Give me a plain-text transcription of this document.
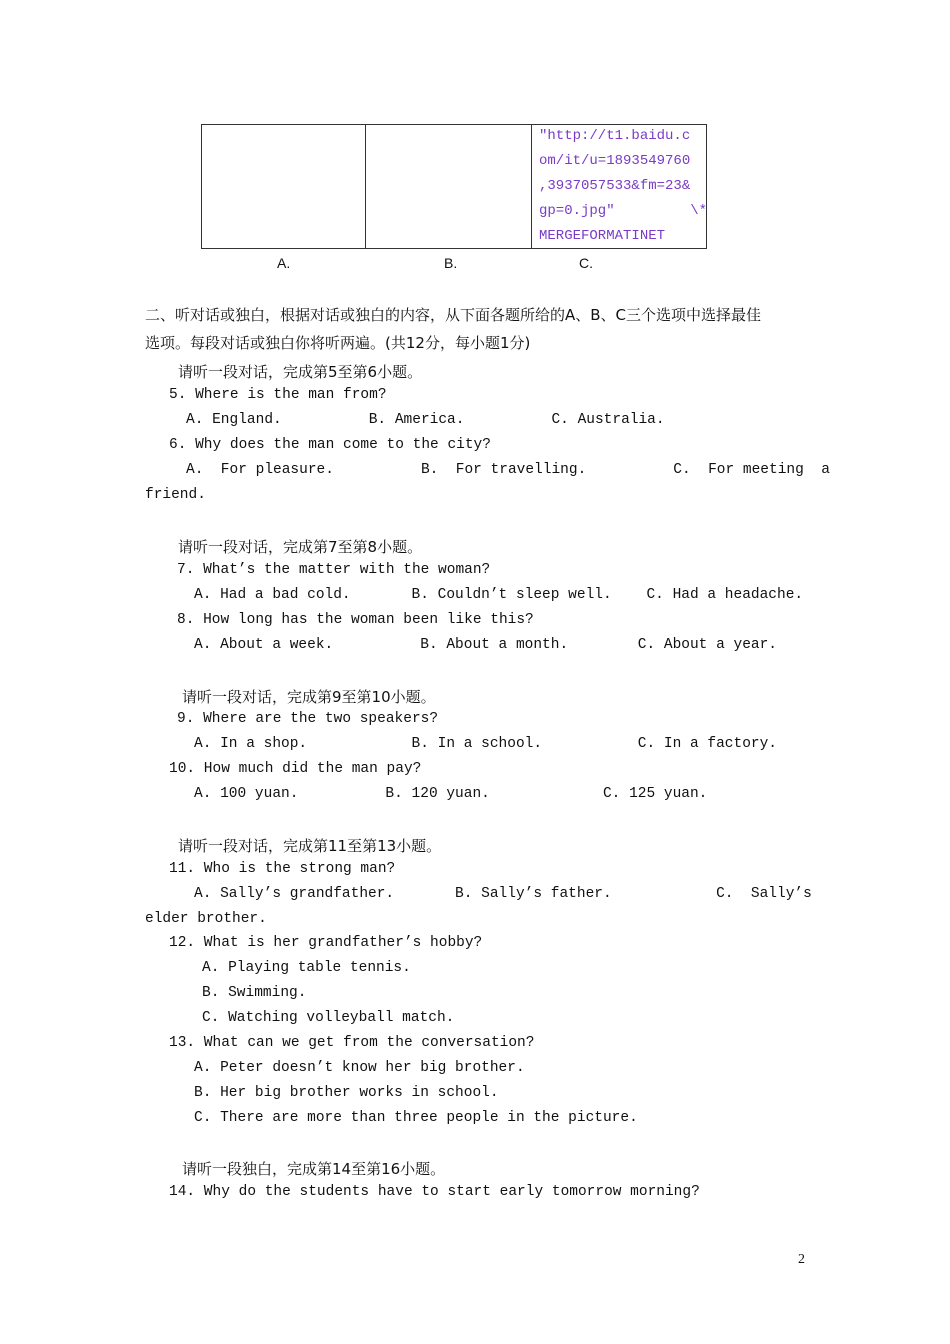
"http://t1.baidu.c
om/it/u=1893549760
,3937057533&fm=23&
gp=0.jpg"         \*
MERGEFORMATINET
A.	B.	C.
二、听对话或独白，根据对话或独白的内容，从下面各题所给的A、B、C三个选项中选择最佳
选项。每段对话或独白你将听两遍。(共12分，每小题1分)
请听一段对话，完成第5至第6小题。
5. Where is the man from?
A. England.          B. America.          C. Australia.
6. Why does the man come to the city?
A.  For pleasure.          B.  For travelling.          C.  For meeting  a
friend.
请听一段对话，完成第7至第8小题。
7. What’s the matter with the woman?
A. Had a bad cold.       B. Couldn’t sleep well.    C. Had a headache.
8. How long has the woman been like this?
A. About a week.          B. About a month.        C. About a year.
请听一段对话，完成第9至第10小题。
9. Where are the two speakers?
A. In a shop.            B. In a school.           C. In a factory.
10. How much did the man pay?
A. 100 yuan.          B. 120 yuan.             C. 125 yuan.
请听一段对话，完成第11至第13小题。
11. Who is the strong man?
A. Sally’s grandfather.       B. Sally’s father.            C.  Sally’s
elder brother.
12. What is her grandfather’s hobby?
A. Playing table tennis.
B. Swimming.
C. Watching volleyball match.
13. What can we get from the conversation?
A. Peter doesn’t know her big brother.
B. Her big brother works in school.
C. There are more than three people in the picture.
请听一段独白，完成第14至第16小题。
14. Why do the students have to start early tomorrow morning?
2
